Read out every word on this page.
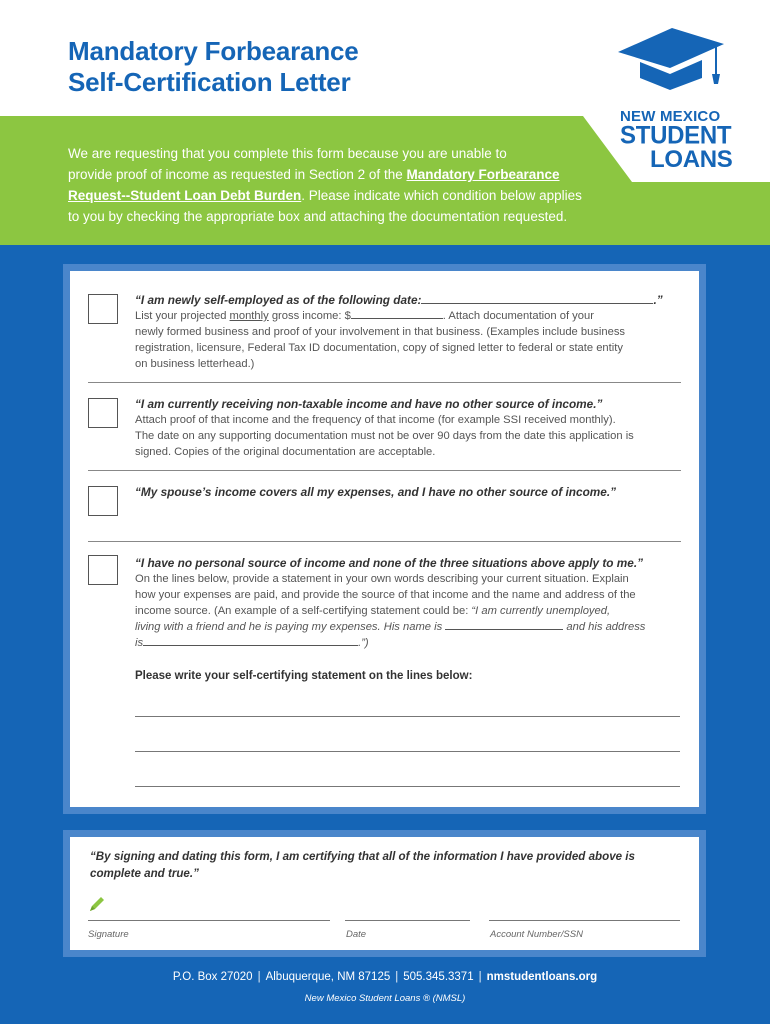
Mandatory Forbearance
Self-Certification Letter
NEW MEXICO
STUDENT
LOANS
We are requesting that you complete this form because you are unable to
provide proof of income as requested in Section 2 of the Mandatory Forbearance
Request--Student Loan Debt Burden. Please indicate which condition below applies
to you by checking the appropriate box and attaching the documentation requested.
“I am newly self-employed as of the following date:	.”
List your projected monthly gross income: $	. Attach documentation of your
newly formed business and proof of your involvement in that business. (Examples include business
registration, licensure, Federal Tax ID documentation, copy of signed letter to federal or state entity
on business letterhead.)
“I am currently receiving non-taxable income and have no other source of income.”
Attach proof of that income and the frequency of that income (for example SSI received monthly).
The date on any supporting documentation must not be over 90 days from the date this application is
signed. Copies of the original documentation are acceptable.
“My spouse’s income covers all my expenses, and I have no other source of income.”
“I have no personal source of income and none of the three situations above apply to me.”
On the lines below, provide a statement in your own words describing your current situation. Explain
how your expenses are paid, and provide the source of that income and the name and address of the
income source. (An example of a self-certifying statement could be: “I am currently unemployed,
living with a friend and he is paying my expenses. His name is	and his address
is	.”)
Please write your self-certifying statement on the lines below:
“By signing and dating this form, I am certifying that all of the information I have provided above is complete and true.”
Signature	Date	Account Number/SSN
P.O. Box 27020 | Albuquerque, NM 87125 | 505.345.3371 | nmstudentloans.org
New Mexico Student Loans ® (NMSL)
